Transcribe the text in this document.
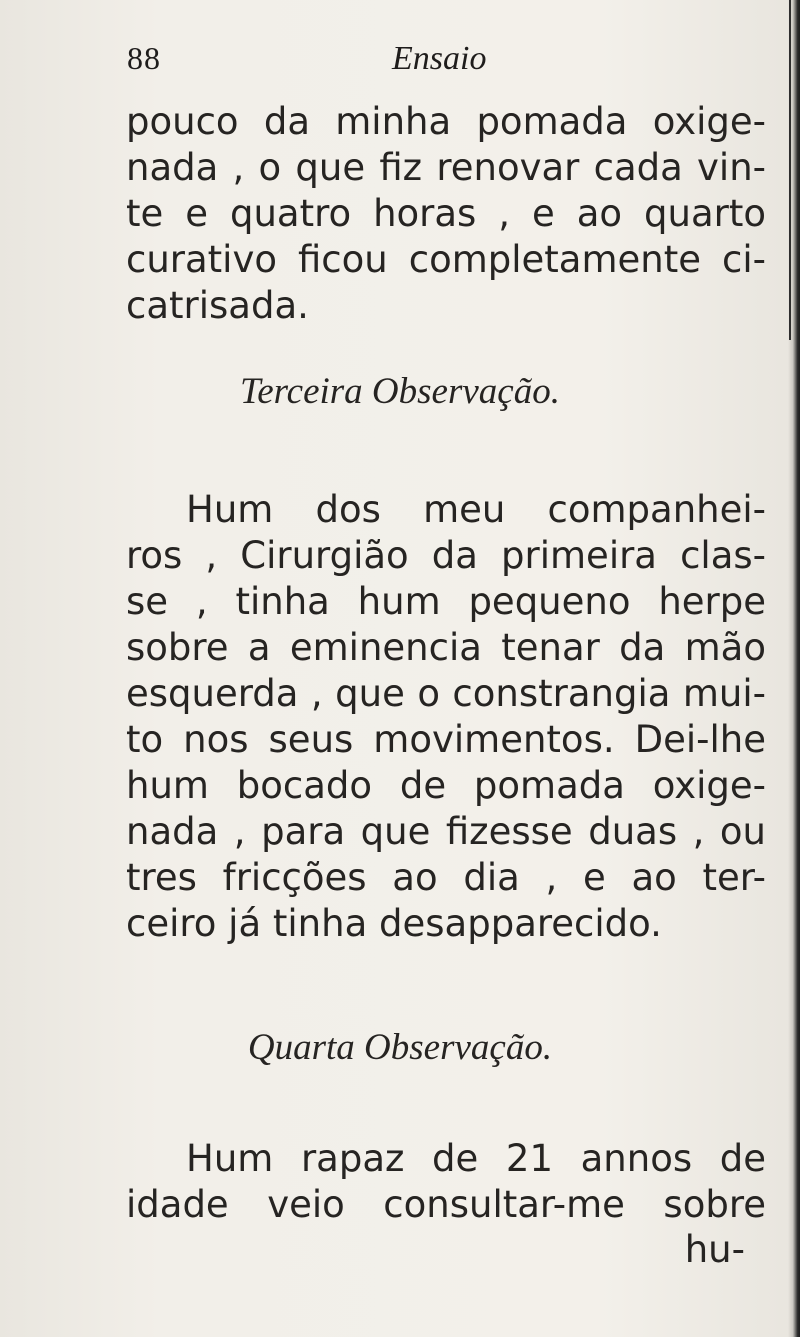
88	Ensaio
pouco da minha pomada oxige-
nada , o que fiz renovar cada vin-
te e quatro horas , e ao quarto
curativo ficou completamente ci-
catrisada.
Terceira Observação.
Hum dos meu companhei-
ros , Cirurgião da primeira clas-
se , tinha hum pequeno herpe
sobre a eminencia tenar da mão
esquerda , que o constrangia mui-
to nos seus movimentos. Dei-lhe
hum bocado de pomada oxige-
nada , para que fizesse duas , ou
tres fricções ao dia , e ao ter-
ceiro já tinha desapparecido.
Quarta Observação.
Hum rapaz de 21 annos de
idade veio consultar-me sobre
hu-
